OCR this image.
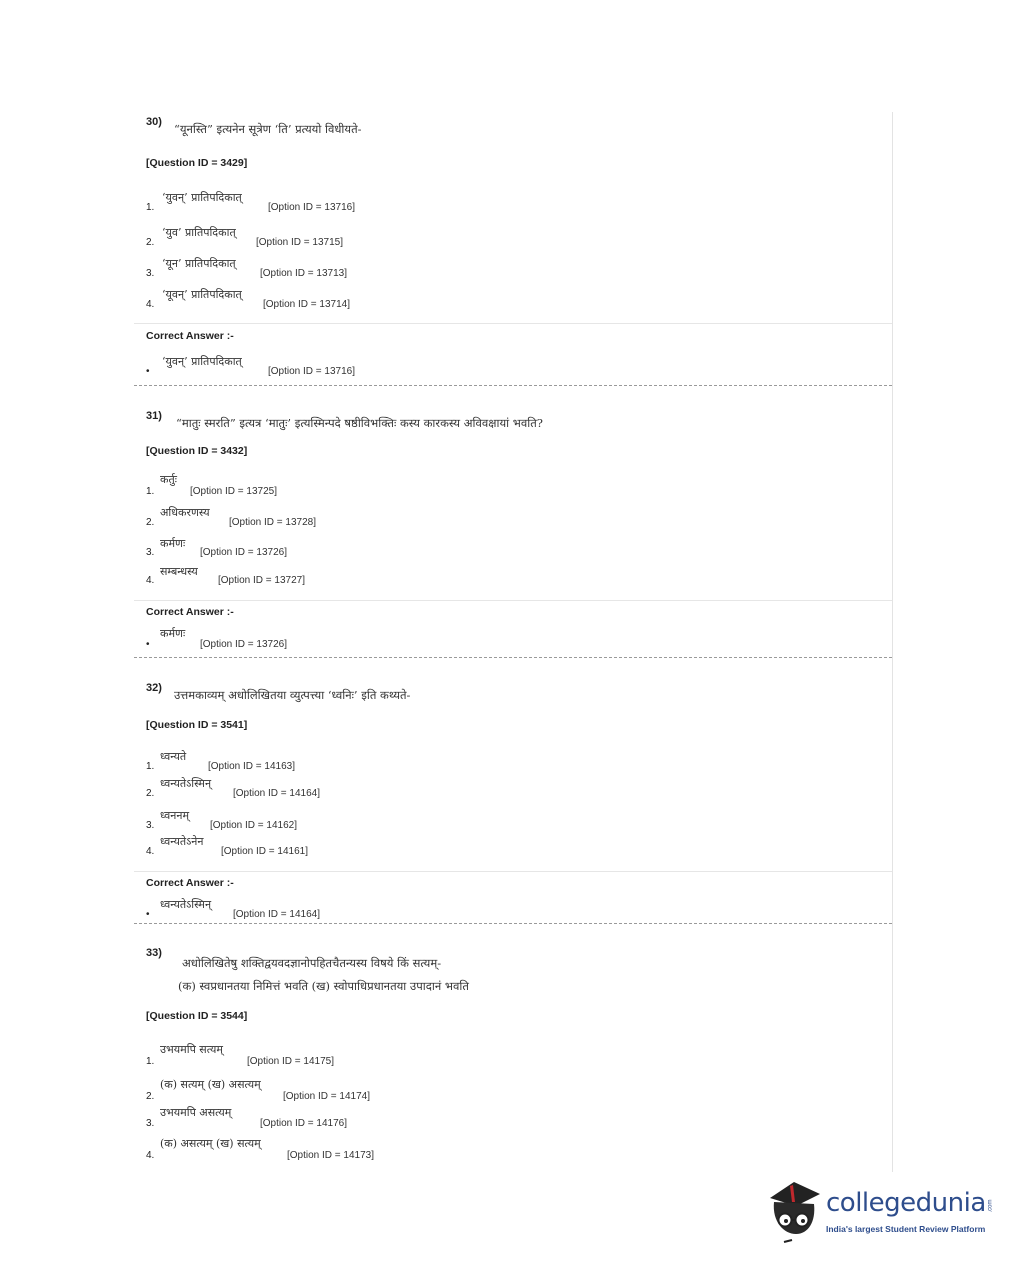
30) “यूनस्ति” इत्यनेन सूत्रेण ‘ति’ प्रत्ययो विधीयते-
[Question ID = 3429]
1.
‘युवन्’ प्रातिपदिकात्
[Option ID = 13716]
2.
‘युव’ प्रातिपदिकात्
[Option ID = 13715]
3.
‘यून’ प्रातिपदिकात्
[Option ID = 13713]
4.
‘यूवन्’ प्रातिपदिकात्
[Option ID = 13714]
Correct Answer :-
•
‘युवन्’ प्रातिपदिकात्
[Option ID = 13716]
31) “मातुः स्मरति” इत्यत्र ‘मातुः’ इत्यस्मिन्पदे षष्ठीविभक्तिः कस्य कारकस्य अविवक्षायां भवति?
[Question ID = 3432]
1.
कर्तुः
[Option ID = 13725]
2.
अधिकरणस्य
[Option ID = 13728]
3.
कर्मणः
[Option ID = 13726]
4.
सम्बन्धस्य
[Option ID = 13727]
Correct Answer :-
•
कर्मणः
[Option ID = 13726]
32) उत्तमकाव्यम् अधोलिखितया व्युत्पत्त्या ‘ध्वनिः’ इति कथ्यते-
[Question ID = 3541]
1.
ध्वन्यते
[Option ID = 14163]
2.
ध्वन्यतेऽस्मिन्
[Option ID = 14164]
3.
ध्वननम्
[Option ID = 14162]
4.
ध्वन्यतेऽनेन
[Option ID = 14161]
Correct Answer :-
•
ध्वन्यतेऽस्मिन्
[Option ID = 14164]
33)
अधोलिखितेषु शक्तिद्वयवदज्ञानोपहितचैतन्यस्य विषये किं सत्यम्-
(क) स्वप्रधानतया निमित्तं भवति (ख) स्वोपाधिप्रधानतया उपादानं भवति
[Question ID = 3544]
1.
उभयमपि सत्यम्
[Option ID = 14175]
2.
(क) सत्यम् (ख) असत्यम्
[Option ID = 14174]
3.
उभयमपि असत्यम्
[Option ID = 14176]
4.
(क) असत्यम् (ख) सत्यम्
[Option ID = 14173]
collegedunia .com
India's largest Student Review Platform
